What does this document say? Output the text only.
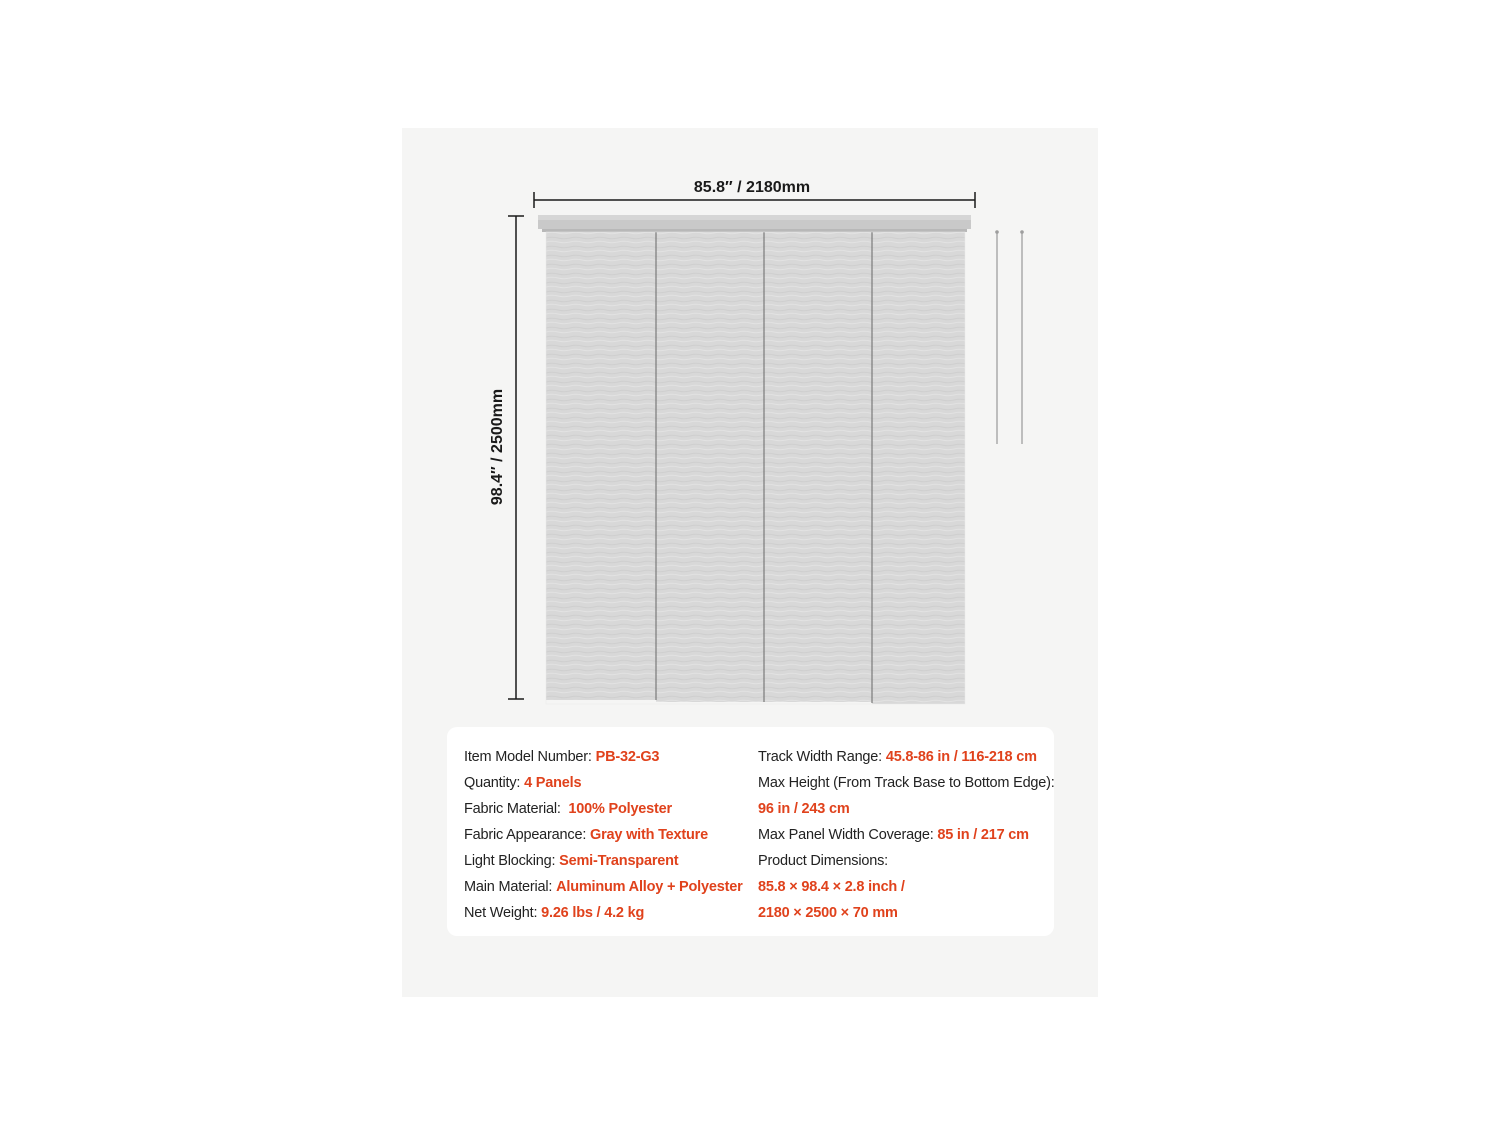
85.8″ / 2180mm
98.4″ / 2500mm
Item Model Number: PB-32-G3
Quantity: 4 Panels
Fabric Material:  100% Polyester
Fabric Appearance: Gray with Texture
Light Blocking: Semi-Transparent
Main Material: Aluminum Alloy + Polyester
Net Weight: 9.26 lbs / 4.2 kg
Track Width Range: 45.8-86 in / 116-218 cm
Max Height (From Track Base to Bottom Edge):
96 in / 243 cm
Max Panel Width Coverage: 85 in / 217 cm
Product Dimensions:
85.8 × 98.4 × 2.8 inch /
2180 × 2500 × 70 mm
